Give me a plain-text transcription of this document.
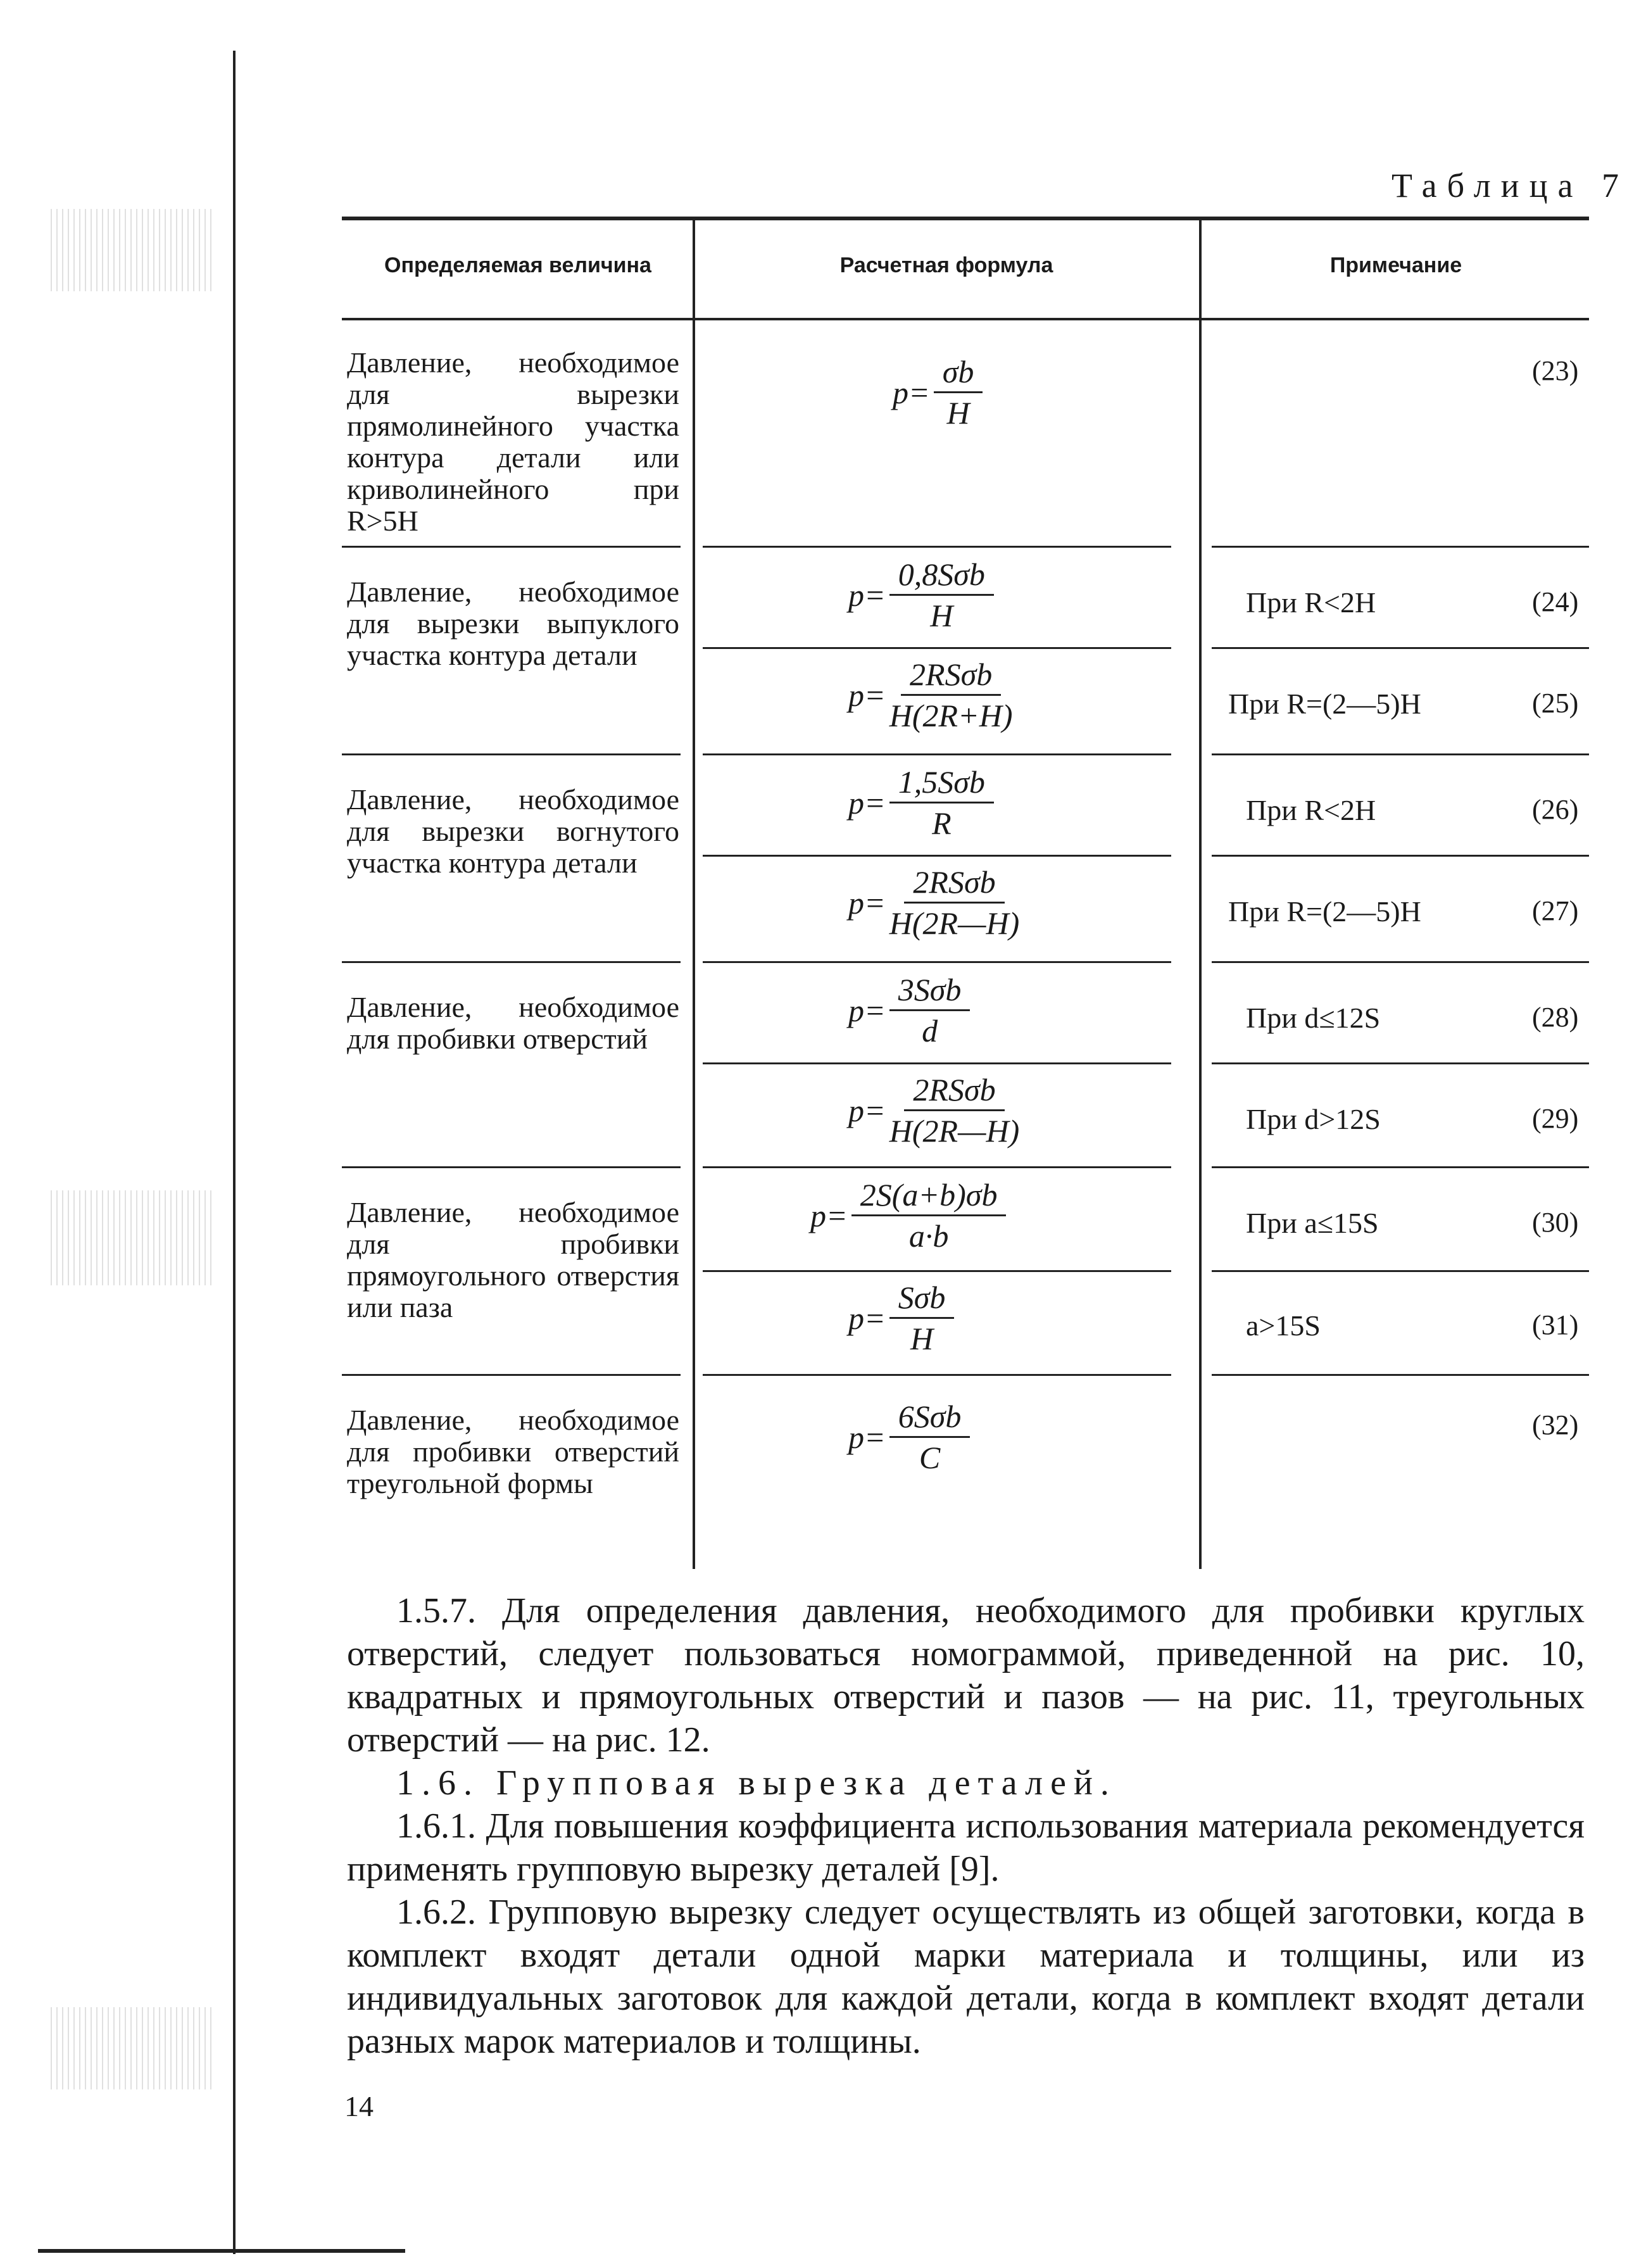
Таблица 7
Определяемая величина	Расчетная формула	Примечание
Давление, необходимое для вырезки прямолинейного участка контура детали или криволинейного при R>5H
Давление, необходимое для вырезки выпуклого участка контура детали
Давление, необходимое для вырезки вогнутого участка контура детали
Давление, необходимое для пробивки отверстий
Давление, необходимое для пробивки прямоугольного отверстия или паза
Давление, необходимое для пробивки отверстий треугольной формы
$p= \frac{\sigma b}{H}$
$p= \frac{\text{0,8Sσb}}{H}$
$p= \frac{\text{2RSσb}}{H(2R+H)}$
$p= \frac{\text{1,5Sσb}}{R}$
$p= \frac{\text{2RSσb}}{H(2R—H)}$
$p= \frac{\text{3Sσb}}{d}$
$p= \frac{\text{2RSσb}}{H(2R—H)}$
$p= \frac{2S(a+b)\sigma b}{a\cdot b}$
$p= \frac{\text{Sσb}}{H}$
$p= \frac{\text{6Sσb}}{C}$
При R<2H
При R=(2—5)H
При R<2H
При R=(2—5)H
При d≤12S
При d>12S
При a≤15S
a>15S
(23)
(24)
(25)
(26)
(27)
(28)
(29)
(30)
(31)
(32)
1.5.7. Для определения давления, необходимого для пробивки круглых отверстий, следует пользоваться номограммой, приведенной на рис. 10, квадратных и прямоугольных отверстий и пазов — на рис. 11, треугольных отверстий — на рис. 12.
1.6. Групповая вырезка деталей.
1.6.1. Для повышения коэффициента использования материала рекомендуется применять групповую вырезку деталей [9].
1.6.2. Групповую вырезку следует осуществлять из общей заготовки, когда в комплект входят детали одной марки материала и толщины, или из индивидуальных заготовок для каждой детали, когда в комплект входят детали разных марок материалов и толщины.
14
